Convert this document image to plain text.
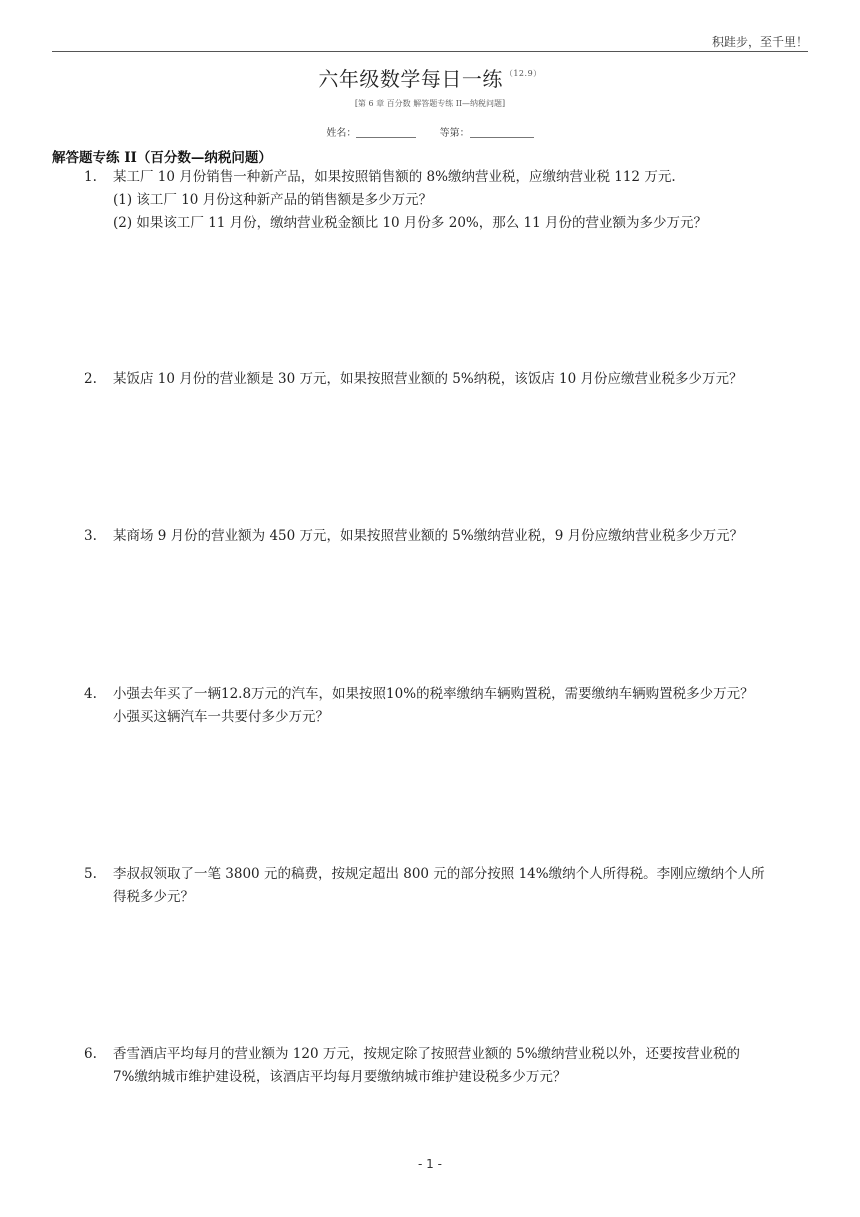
积跬步，至千里！
六年级数学每日一练 $^{(12.9)}$
[第 6 章 百分数 解答题专练 II—纳税问题]
姓名：	等第：
解答题专练 II（百分数—纳税问题）
1. 某工厂 10 月份销售一种新产品，如果按照销售额的 8%缴纳营业税，应缴纳营业税 112 万元.
(1) 该工厂 10 月份这种新产品的销售额是多少万元？
(2) 如果该工厂 11 月份，缴纳营业税金额比 10 月份多 20%，那么 11 月份的营业额为多少万元？
2. 某饭店 10 月份的营业额是 30 万元，如果按照营业额的 5%纳税，该饭店 10 月份应缴营业税多少万元？
3. 某商场 9 月份的营业额为 450 万元，如果按照营业额的 5%缴纳营业税，9 月份应缴纳营业税多少万元？
4. 小强去年买了一辆12.8万元的汽车，如果按照10%的税率缴纳车辆购置税，需要缴纳车辆购置税多少万元？
小强买这辆汽车一共要付多少万元？
5. 李叔叔领取了一笔 3800 元的稿费，按规定超出 800 元的部分按照 14%缴纳个人所得税。李刚应缴纳个人所
得税多少元？
6. 香雪酒店平均每月的营业额为 120 万元，按规定除了按照营业额的 5%缴纳营业税以外，还要按营业税的
7%缴纳城市维护建设税，该酒店平均每月要缴纳城市维护建设税多少万元？
- 1 -
